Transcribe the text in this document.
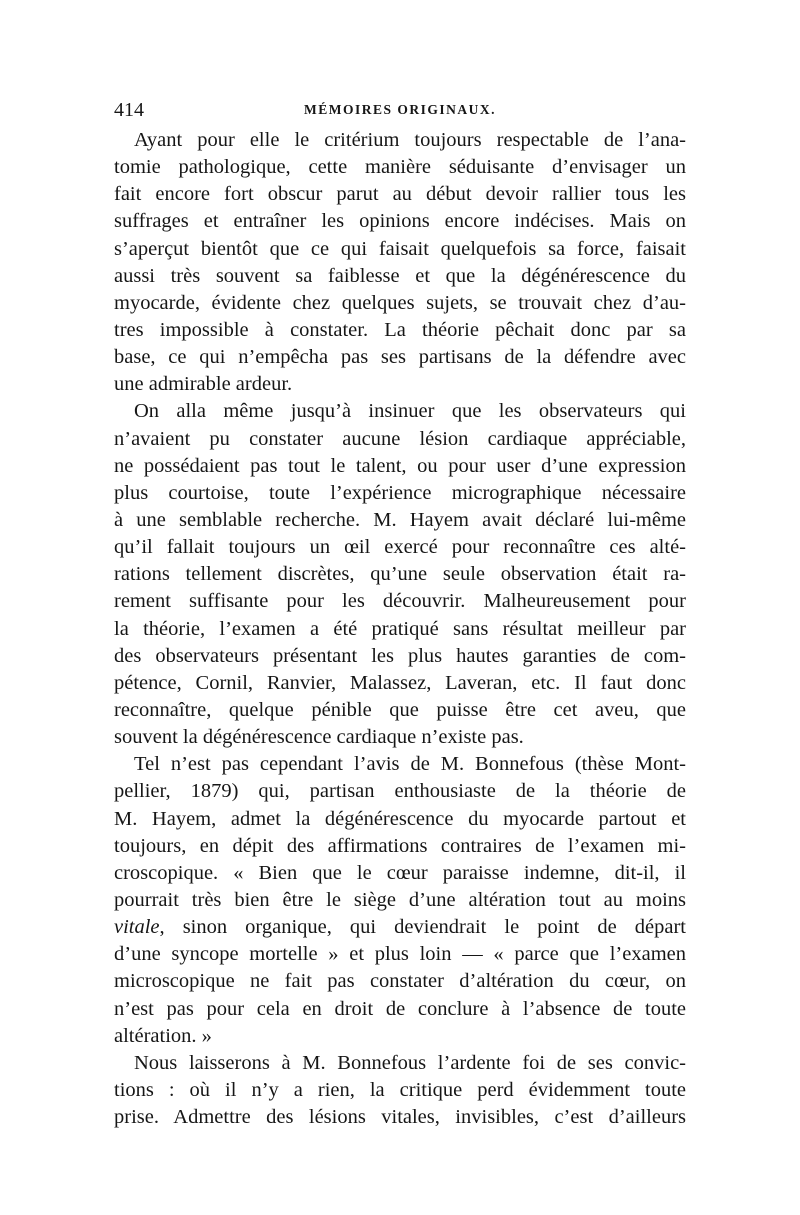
414	MÉMOIRES ORIGINAUX.
Ayant pour elle le critérium toujours respectable de l’ana-
tomie pathologique, cette manière séduisante d’envisager un
fait encore fort obscur parut au début devoir rallier tous les
suffrages et entraîner les opinions encore indécises. Mais on
s’aperçut bientôt que ce qui faisait quelquefois sa force, faisait
aussi très souvent sa faiblesse et que la dégénérescence du
myocarde, évidente chez quelques sujets, se trouvait chez d’au-
tres impossible à constater. La théorie pêchait donc par sa
base, ce qui n’empêcha pas ses partisans de la défendre avec
une admirable ardeur.
On alla même jusqu’à insinuer que les observateurs qui
n’avaient pu constater aucune lésion cardiaque appréciable,
ne possédaient pas tout le talent, ou pour user d’une expression
plus courtoise, toute l’expérience micrographique nécessaire
à une semblable recherche. M. Hayem avait déclaré lui-même
qu’il fallait toujours un œil exercé pour reconnaître ces alté-
rations tellement discrètes, qu’une seule observation était ra-
rement suffisante pour les découvrir. Malheureusement pour
la théorie, l’examen a été pratiqué sans résultat meilleur par
des observateurs présentant les plus hautes garanties de com-
pétence, Cornil, Ranvier, Malassez, Laveran, etc. Il faut donc
reconnaître, quelque pénible que puisse être cet aveu, que
souvent la dégénérescence cardiaque n’existe pas.
Tel n’est pas cependant l’avis de M. Bonnefous (thèse Mont-
pellier, 1879) qui, partisan enthousiaste de la théorie de
M. Hayem, admet la dégénérescence du myocarde partout et
toujours, en dépit des affirmations contraires de l’examen mi-
croscopique. « Bien que le cœur paraisse indemne, dit-il, il
pourrait très bien être le siège d’une altération tout au moins
vitale, sinon organique, qui deviendrait le point de départ
d’une syncope mortelle » et plus loin — « parce que l’examen
microscopique ne fait pas constater d’altération du cœur, on
n’est pas pour cela en droit de conclure à l’absence de toute
altération. »
Nous laisserons à M. Bonnefous l’ardente foi de ses convic-
tions : où il n’y a rien, la critique perd évidemment toute
prise. Admettre des lésions vitales, invisibles, c’est d’ailleurs
